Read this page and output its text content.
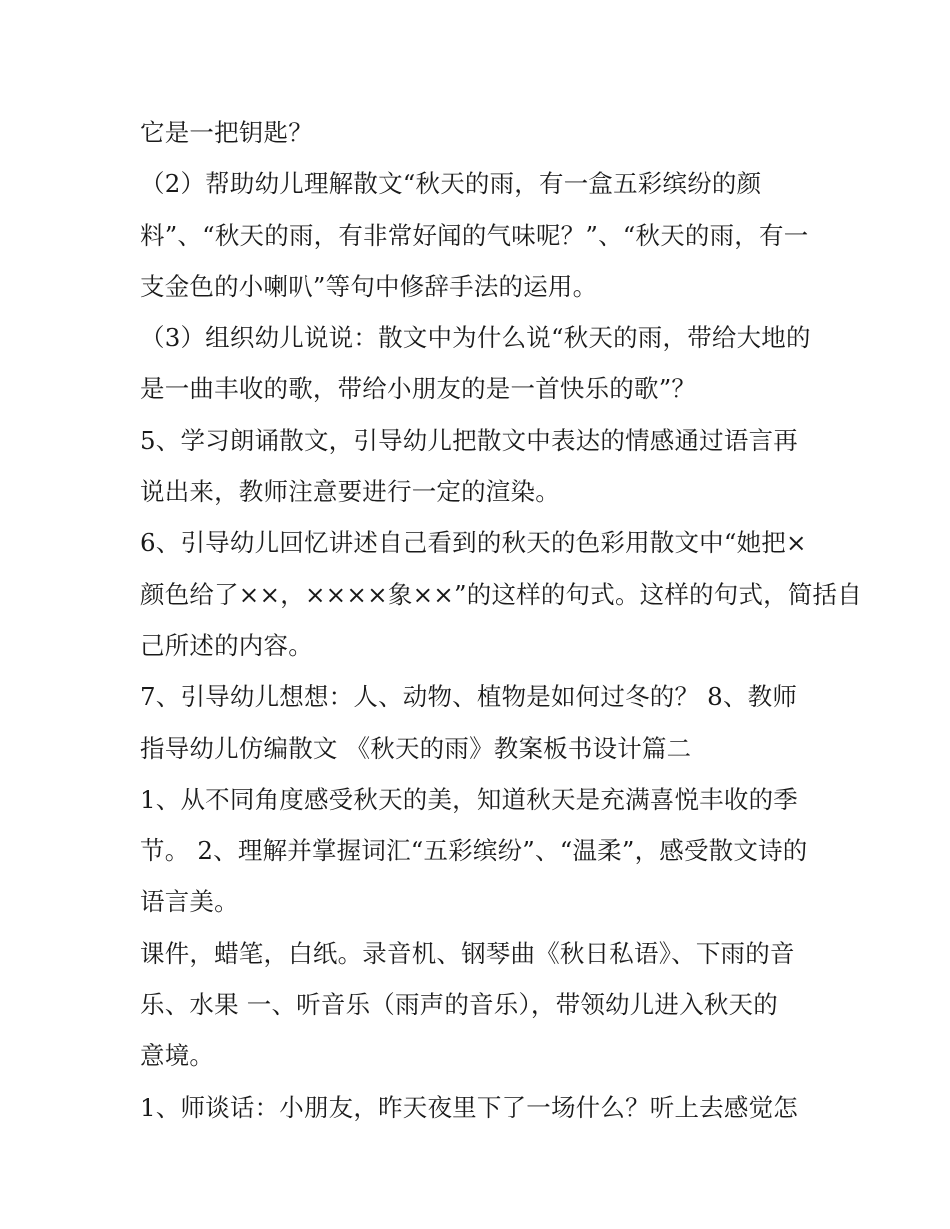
它是一把钥匙？
（2）帮助幼儿理解散文“秋天的雨，有一盒五彩缤纷的颜
料”、“秋天的雨，有非常好闻的气味呢？”、“秋天的雨，有一
支金色的小喇叭”等句中修辞手法的运用。
（3）组织幼儿说说：散文中为什么说“秋天的雨，带给大地的
是一曲丰收的歌，带给小朋友的是一首快乐的歌”？
5、学习朗诵散文，引导幼儿把散文中表达的情感通过语言再
说出来，教师注意要进行一定的渲染。
6、引导幼儿回忆讲述自己看到的秋天的色彩用散文中“她把×
颜色给了××，××××象××”的这样的句式。这样的句式，简括自
己所述的内容。
7、引导幼儿想想：人、动物、植物是如何过冬的？ 8、教师
指导幼儿仿编散文 《秋天的雨》教案板书设计篇二
1、从不同角度感受秋天的美，知道秋天是充满喜悦丰收的季
节。 2、理解并掌握词汇“五彩缤纷”、“温柔”，感受散文诗的
语言美。
课件，蜡笔，白纸。录音机、钢琴曲《秋日私语》、下雨的音
乐、水果 一、听音乐（雨声的音乐），带领幼儿进入秋天的
意境。
1、师谈话：小朋友，昨天夜里下了一场什么？听上去感觉怎
